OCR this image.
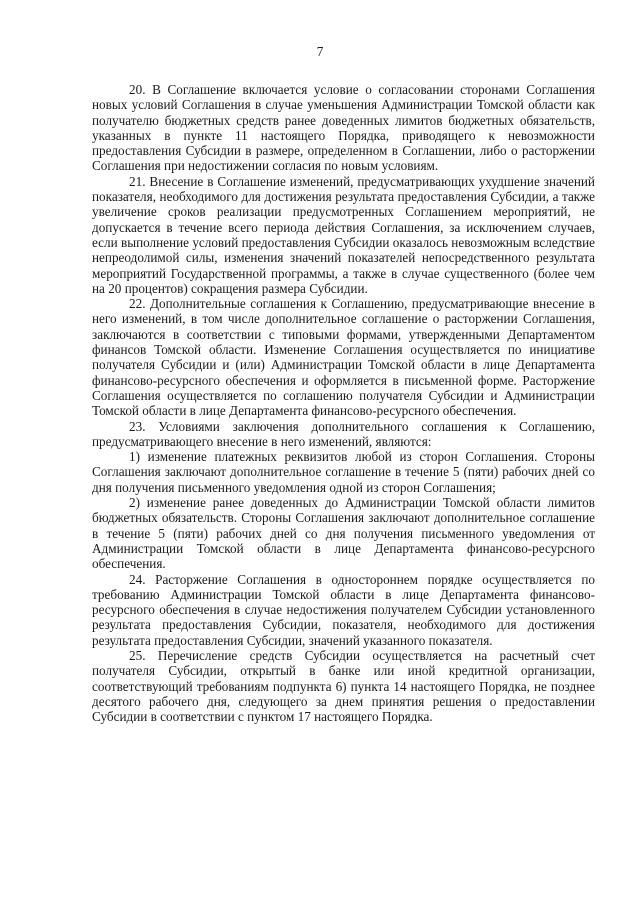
7

20. В Соглашение включается условие о согласовании сторонами Соглашения новых условий Соглашения в случае уменьшения Администрации Томской области как получателю бюджетных средств ранее доведенных лимитов бюджетных обязательств, указанных в пункте 11 настоящего Порядка, приводящего к невозможности предоставления Субсидии в размере, определенном в Соглашении, либо о расторжении Соглашения при недостижении согласия по новым условиям.

21. Внесение в Соглашение изменений, предусматривающих ухудшение значений показателя, необходимого для достижения результата предоставления Субсидии, а также увеличение сроков реализации предусмотренных Соглашением мероприятий, не допускается в течение всего периода действия Соглашения, за исключением случаев, если выполнение условий предоставления Субсидии оказалось невозможным вследствие непреодолимой силы, изменения значений показателей непосредственного результата мероприятий Государственной программы, а также в случае существенного (более чем на 20 процентов) сокращения размера Субсидии.

22. Дополнительные соглашения к Соглашению, предусматривающие внесение в него изменений, в том числе дополнительное соглашение о расторжении Соглашения, заключаются в соответствии с типовыми формами, утвержденными Департаментом финансов Томской области. Изменение Соглашения осуществляется по инициативе получателя Субсидии и (или) Администрации Томской области в лице Департамента финансово-ресурсного обеспечения и оформляется в письменной форме. Расторжение Соглашения осуществляется по соглашению получателя Субсидии и Администрации Томской области в лице Департамента финансово-ресурсного обеспечения.

23. Условиями заключения дополнительного соглашения к Соглашению, предусматривающего внесение в него изменений, являются:

1) изменение платежных реквизитов любой из сторон Соглашения. Стороны Соглашения заключают дополнительное соглашение в течение 5 (пяти) рабочих дней со дня получения письменного уведомления одной из сторон Соглашения;

2) изменение ранее доведенных до Администрации Томской области лимитов бюджетных обязательств. Стороны Соглашения заключают дополнительное соглашение в течение 5 (пяти) рабочих дней со дня получения письменного уведомления от Администрации Томской области в лице Департамента финансово-ресурсного обеспечения.

24. Расторжение Соглашения в одностороннем порядке осуществляется по требованию Администрации Томской области в лице Департамента финансово-ресурсного обеспечения в случае недостижения получателем Субсидии установленного результата предоставления Субсидии, показателя, необходимого для достижения результата предоставления Субсидии, значений указанного показателя.

25. Перечисление средств Субсидии осуществляется на расчетный счет получателя Субсидии, открытый в банке или иной кредитной организации, соответствующий требованиям подпункта 6) пункта 14 настоящего Порядка, не позднее десятого рабочего дня, следующего за днем принятия решения о предоставлении Субсидии в соответствии с пунктом 17 настоящего Порядка.
